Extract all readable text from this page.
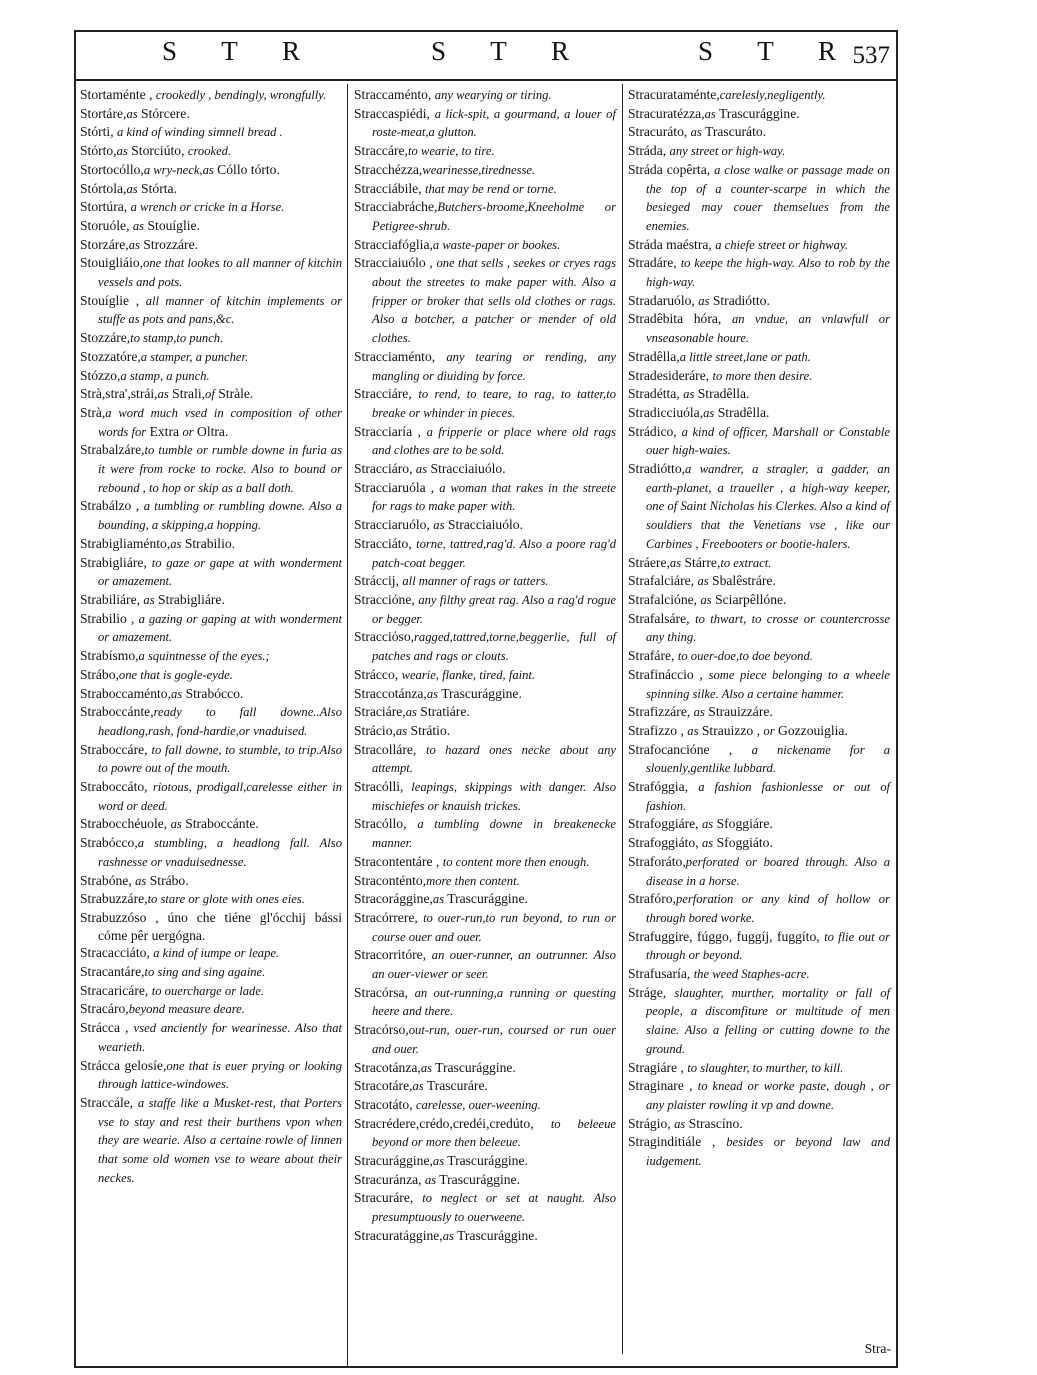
S T R	S T R	S T R
537

Stortaménte , crookedly , bendingly, wrongfully.

Stortáre,as Stórcere.

Stórti, a kind of winding simnell bread .

Stórto,as Storciúto, crooked.

Stortocóllo,a wry-neck,as Cóllo tórto.

Stórtola,as Stórta.

Stortúra, a wrench or cricke in a Horse.

Storuóle, as Stouíglie.

Storzáre,as Strozzáre.

Stouigliáio,one that lookes to all manner of kitchin vessels and pots.

Stouíglie , all manner of kitchin implements or stuffe as pots and pans,&c.

Stozzáre,to stamp,to punch.

Stozzatóre,a stamper, a puncher.

Stózzo,a stamp, a punch.

Strà,stra',strái,as Strali,of Stràle.

Strà,a word much vsed in composition of other words for Extra or Oltra.

Strabalzáre,to tumble or rumble downe in furia as it were from rocke to rocke. Also to bound or rebound , to hop or skip as a ball doth.

Strabálzo , a tumbling or rumbling downe. Also a bounding, a skipping,a hopping.

Strabigliaménto,as Strabilio.

Strabigliáre, to gaze or gape at with wonderment or amazement.

Strabiliáre, as Strabigliáre.

Strabilio , a gazing or gaping at with wonderment or amazement.

Strabísmo,a squintnesse of the eyes.;

Strábo,one that is gogle-eyde.

Straboccaménto,as Strabócco.

Straboccánte,ready to fall downe..Also headlong,rash, fond-hardie,or vnaduised.

Straboccáre, to fall downe, to stumble, to trip.Also to powre out of the mouth.

Straboccáto, riotous, prodigall,carelesse either in word or deed.

Strabocchéuole, as Straboccánte.

Strabócco,a stumbling, a headlong fall. Also rashnesse or vnaduisednesse.

Strabóne, as Strábo.

Strabuzzáre,to stare or glote with ones eies.

Strabuzzóso , úno che tiéne gl'ócchij bássi cóme pêr uergógna.

Stracacciáto, a kind of iumpe or leape.

Stracantáre,to sing and sing againe.

Stracaricáre, to ouercharge or lade.

Stracáro,beyond measure deare.

Strácca , vsed anciently for wearinesse. Also that wearieth.

Strácca gelosíe,one that is euer prying or looking through lattice-windowes.

Straccále, a staffe like a Musket-rest, that Porters vse to stay and rest their burthens vpon when they are wearie. Also a certaine rowle of linnen that some old women vse to weare about their neckes.

Straccaménto, any wearying or tiring.

Straccaspiédi, a lick-spit, a gourmand, a louer of roste-meat,a glutton.

Straccáre,to wearie, to tire.

Stracchézza,wearinesse,tirednesse.

Stracciábile, that may be rend or torne.

Stracciabráche,Butchers-broome,Kneeholme or Petigree-shrub.

Stracciafóglia,a waste-paper or bookes.

Stracciaiuólo , one that sells , seekes or cryes rags about the streetes to make paper with. Also a fripper or broker that sells old clothes or rags. Also a botcher, a patcher or mender of old clothes.

Stracciaménto, any tearing or rending, any mangling or diuiding by force.

Stracciáre, to rend, to teare, to rag, to tatter,to breake or whinder in pieces.

Stracciaría , a fripperie or place where old rags and clothes are to be sold.

Stracciáro, as Stracciaiuólo.

Stracciaruóla , a woman that rakes in the streete for rags to make paper with.

Stracciaruólo, as Stracciaiuólo.

Stracciáto, torne, tattred,rag'd. Also a poore rag'd patch-coat begger.

Stráccij, all manner of rags or tatters.

Straccióne, any filthy great rag. Also a rag'd rogue or begger.

Stracciόso,ragged,tattred,torne,beggerlie, full of patches and rags or clouts.

Strácco, wearie, flanke, tired, faint.

Straccotánza,as Trascurággine.

Straciáre,as Stratiáre.

Strácio,as Strátio.

Stracolláre, to hazard ones necke about any attempt.

Stracólli, leapings, skippings with danger. Also mischiefes or knauish trickes.

Stracóllo, a tumbling downe in breakenecke manner.

Stracontentáre , to content more then enough.

Straconténto,more then content.

Stracorággine,as Trascurággine.

Stracórrere, to ouer-run,to run beyond, to run or course ouer and ouer.

Stracorritóre, an ouer-runner, an outrunner. Also an ouer-viewer or seer.

Stracórsa, an out-running,a running or questing heere and there.

Stracórso,out-run, ouer-run, coursed or run ouer and ouer.

Stracotánza,as Trascurággine.

Stracotáre,as Trascuráre.

Stracotáto, carelesse, ouer-weening.

Stracrédere,crédo,credéi,credúto, to beleeue beyond or more then beleeue.

Stracurággine,as Trascurággine.

Stracuránza, as Trascurággine.

Stracuráre, to neglect or set at naught. Also presumptuously to ouerweene.

Stracuratággine,as Trascurággine.

Stracurataménte,carelesly,negligently.

Stracuratézza,as Trascurággine.

Stracuráto, as Trascuráto.

Stráda, any street or high-way.

Stráda copêrta, a close walke or passage made on the top of a counter-scarpe in which the besieged may couer themselues from the enemies.

Stráda maéstra, a chiefe street or highway.

Stradáre, to keepe the high-way. Also to rob by the high-way.

Stradaruólo, as Stradiótto.

Stradêbita hóra, an vndue, an vnlawfull or vnseasonable houre.

Stradêlla,a little street,lane or path.

Stradesideráre, to more then desire.

Stradétta, as Stradêlla.

Stradicciuóla,as Stradêlla.

Strádico, a kind of officer, Marshall or Constable ouer high-waies.

Stradiótto,a wandrer, a stragler, a gadder, an earth-planet, a traueller , a high-way keeper, one of Saint Nicholas his Clerkes. Also a kind of souldiers that the Venetians vse , like our Carbines , Freebooters or bootie-halers.

Stráere,as Stárre,to extract.

Strafalciáre, as Sbalêstráre.

Strafalcióne, as Sciarpêllóne.

Strafalsáre, to thwart, to crosse or countercrosse any thing.

Strafáre, to ouer-doe,to doe beyond.

Strafináccio , some piece belonging to a wheele spinning silke. Also a certaine hammer.

Strafizzáre, as Strauizzáre.

Strafizzo , as Strauizzo , or Gozzouiglia.

Strafocancióne , a nickename for a slouenly,gentlike lubbard.

Strafóggia, a fashion fashionlesse or out of fashion.

Strafoggiáre, as Sfoggiáre.

Strafoggiáto, as Sfoggiáto.

Straforáto,perforated or boared through. Also a disease in a horse.

Strafóro,perforation or any kind of hollow or through bored worke.

Strafuggire, fúggo, fuggíj, fuggíto, to flie out or through or beyond.

Strafusaría, the weed Staphes-acre.

Stráge, slaughter, murther, mortality or fall of people, a discomfiture or multitude of men slaine. Also a felling or cutting downe to the ground.

Stragiáre , to slaughter, to murther, to kill.

Straginare , to knead or worke paste, dough , or any plaister rowling it vp and downe.

Strágio, as Strascíno.

Straginditiále , besides or beyond law and iudgement.

Stra-
